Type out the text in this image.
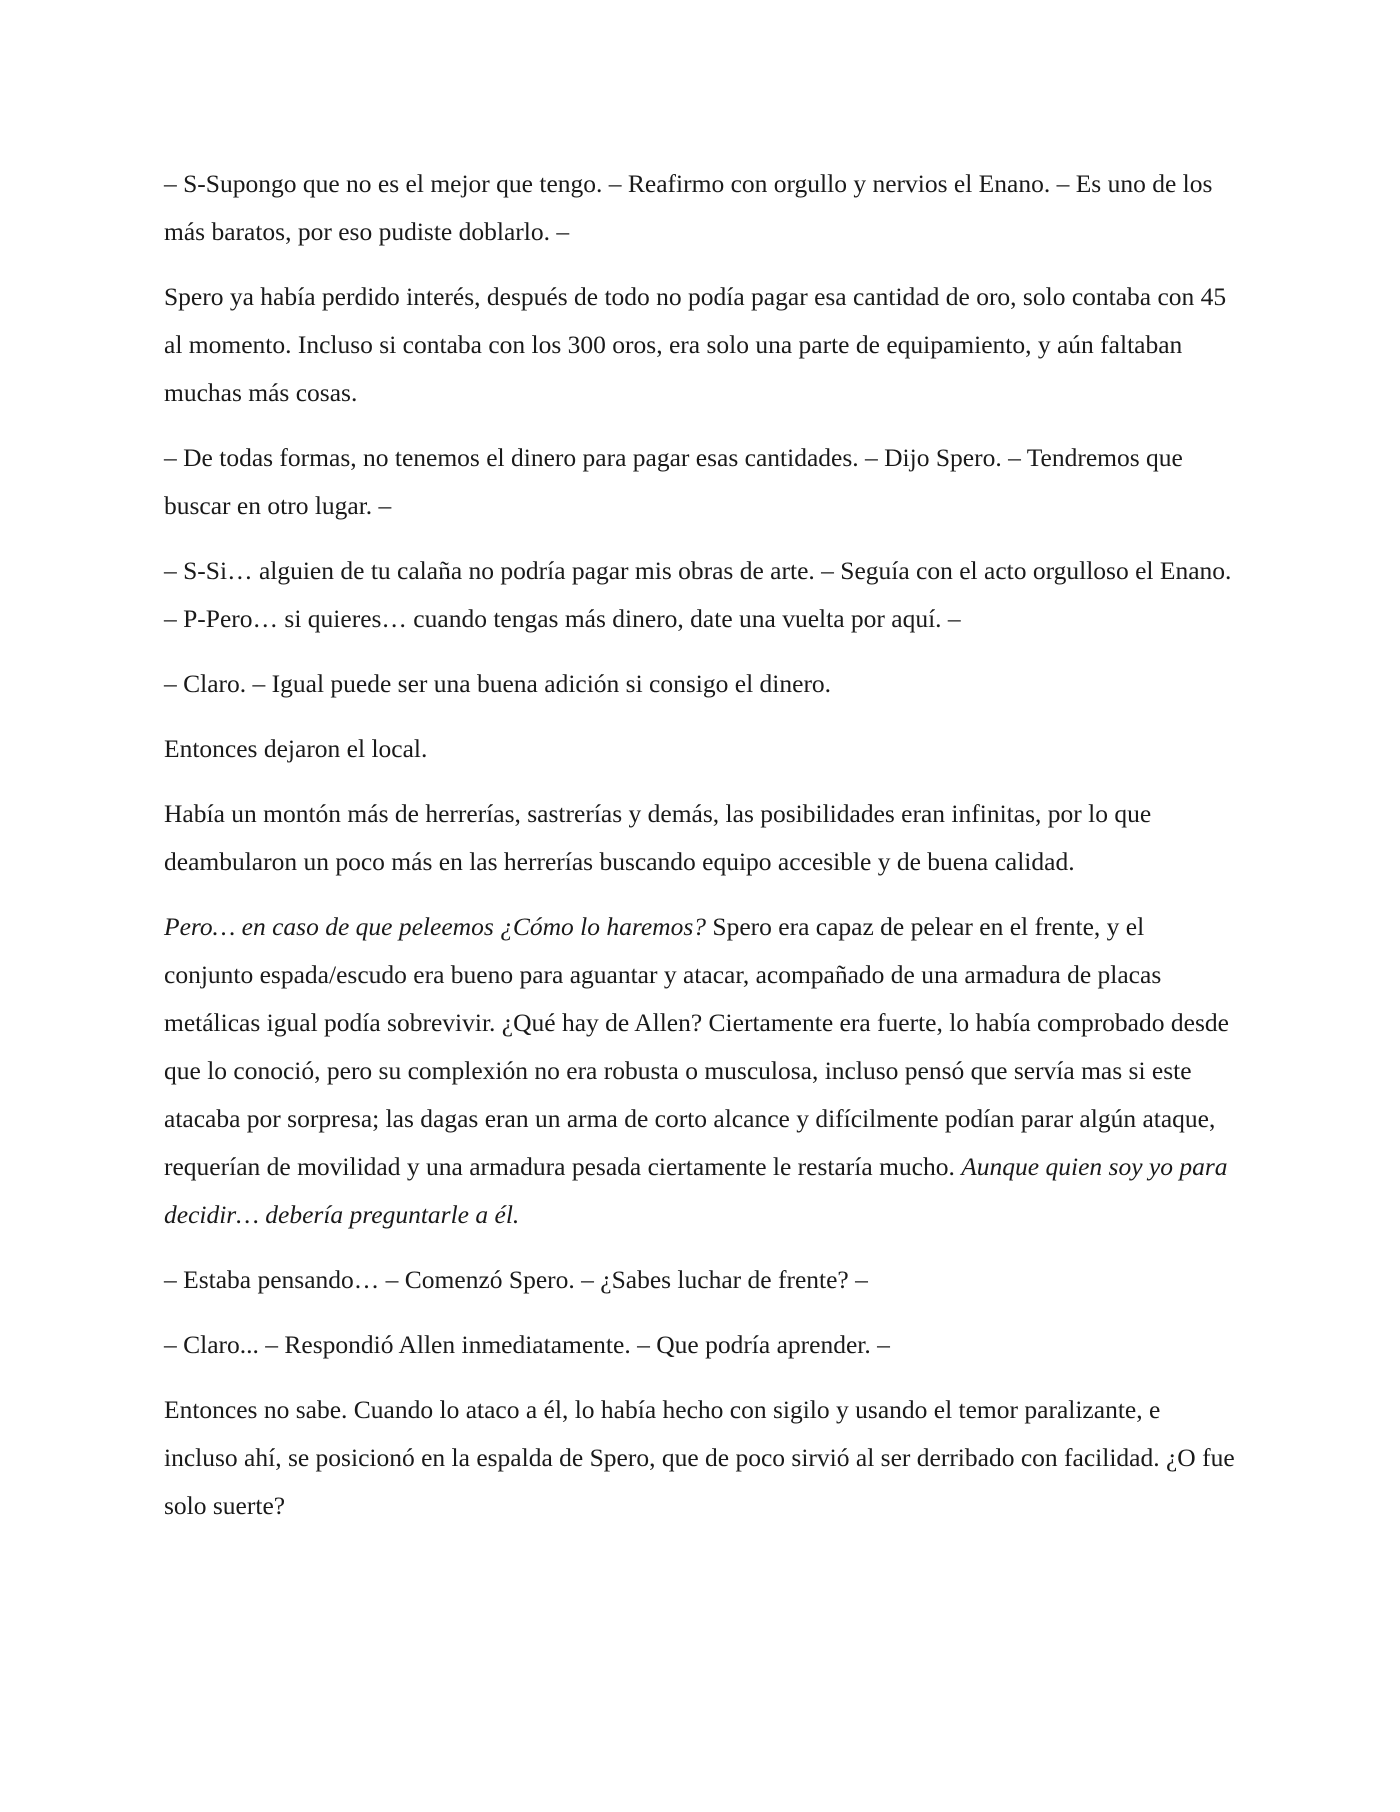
– S-Supongo que no es el mejor que tengo. – Reafirmo con orgullo y nervios el Enano. – Es uno de los más baratos, por eso pudiste doblarlo. –

Spero ya había perdido interés, después de todo no podía pagar esa cantidad de oro, solo contaba con 45 al momento. Incluso si contaba con los 300 oros, era solo una parte de equipamiento, y aún faltaban muchas más cosas.

– De todas formas, no tenemos el dinero para pagar esas cantidades. – Dijo Spero. – Tendremos que buscar en otro lugar. –

– S-Si… alguien de tu calaña no podría pagar mis obras de arte. – Seguía con el acto orgulloso el Enano. – P-Pero… si quieres… cuando tengas más dinero, date una vuelta por aquí. –

– Claro. – Igual puede ser una buena adición si consigo el dinero.

Entonces dejaron el local.

Había un montón más de herrerías, sastrerías y demás, las posibilidades eran infinitas, por lo que deambularon un poco más en las herrerías buscando equipo accesible y de buena calidad.

Pero… en caso de que peleemos ¿Cómo lo haremos? Spero era capaz de pelear en el frente, y el conjunto espada/escudo era bueno para aguantar y atacar, acompañado de una armadura de placas metálicas igual podía sobrevivir. ¿Qué hay de Allen? Ciertamente era fuerte, lo había comprobado desde que lo conoció, pero su complexión no era robusta o musculosa, incluso pensó que servía mas si este atacaba por sorpresa; las dagas eran un arma de corto alcance y difícilmente podían parar algún ataque, requerían de movilidad y una armadura pesada ciertamente le restaría mucho. Aunque quien soy yo para decidir… debería preguntarle a él.

– Estaba pensando… – Comenzó Spero. – ¿Sabes luchar de frente? –

– Claro... – Respondió Allen inmediatamente. – Que podría aprender. –

Entonces no sabe. Cuando lo ataco a él, lo había hecho con sigilo y usando el temor paralizante, e incluso ahí, se posicionó en la espalda de Spero, que de poco sirvió al ser derribado con facilidad. ¿O fue solo suerte?
